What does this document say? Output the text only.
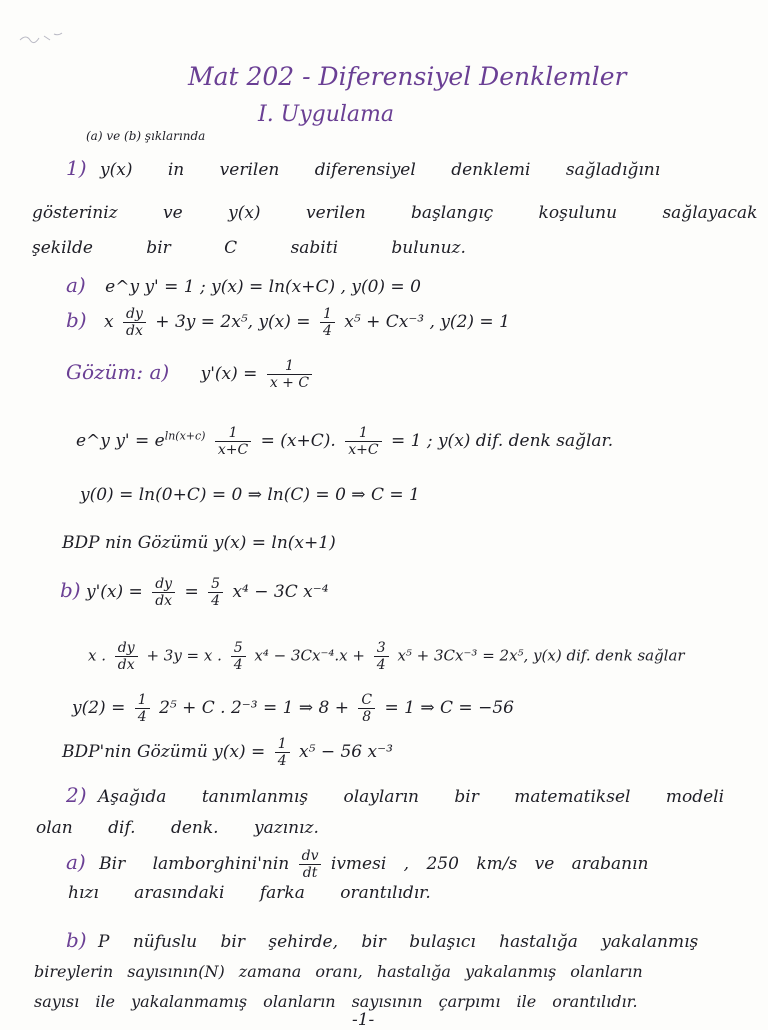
Mat 202 - Diferensiyel Denklemler
I. Uygulama
(a) ve (b) şıklarında
1) y(x) in verilen diferensiyel denklemi sağladığını
gösteriniz ve y(x) verilen başlangıç koşulunu sağlayacak
şekilde bir C sabiti bulunuz.
a) e^y y' = 1 ; y(x) = ln(x+C) , y(0) = 0
b) x $\frac{dy}{dx} + 3y = 2x^5$, $y(x) = \frac{1}{4} x^5 + Cx^{-3}$ , y(2) = 1
Gözüm: a) $y'(x) = \frac{1}{x + C}$
e^y $y' = e^{ln(x+c)} \frac{1}{x+C} = (x+C)$. $\frac{1}{x+C} = 1$ ; y(x) dif. denk sağlar.
y(0) = ln(0+C) = 0 ⇒ ln(C) = 0 ⇒ C = 1
BDP nin Gözümü y(x) = ln(x+1)
b) $y'(x) = \frac{dy}{dx} = \frac{5}{4} x^4 - 3C$ x⁻⁴
x . $\frac{dy}{dx} + 3y = x$ . $\frac{5}{4} x^4 - 3Cx^{-4}.x + \frac{3}{4} x^5 + 3Cx^{-3} = 2x^5$, y(x) dif. denk sağlar
$y(2) = \frac{1}{4} 2^5 + C$ . 2⁻³ = 1 ⇒ $8 + \frac{C}{8} = 1$ ⇒ C = −56
BDP'nin Gözümü $y(x) = \frac{1}{4} x^5 - 56$ x⁻³
2) Aşağıda tanımlanmış olayların bir matematiksel modeli
olan dif. denk. yazınız.
a) Bir lamborghini'nin $\frac{dv}{dt}$ ivmesi , 250 km/s ve arabanın
hızı arasındaki farka orantılıdır.
b) P nüfuslu bir şehirde, bir bulaşıcı hastalığa yakalanmış
bireylerin sayısının(N) zamana oranı, hastalığa yakalanmış olanların
sayısı ile yakalanmamış olanların sayısının çarpımı ile orantılıdır.
-1-
